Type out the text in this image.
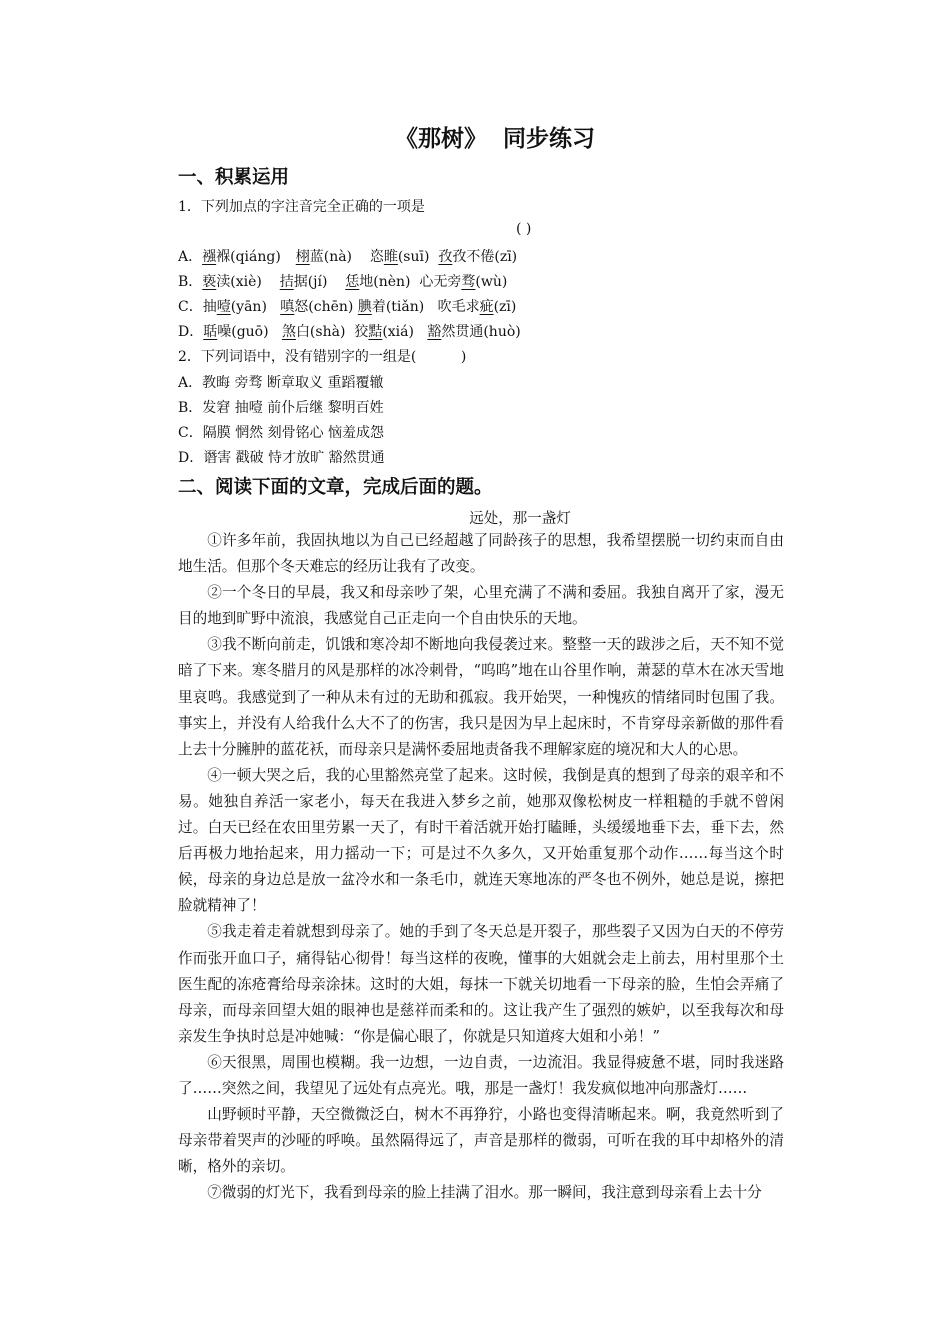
《那树》  同步练习
一、积累运用

1．下列加点的字注音完全正确的一项是

( )

A．襁褓(qiáng) 栩蓝(nà)    恣睢(suī)  孜孜不倦(zī)

B．亵渎(xiè) 拮据(jí) 恁地(nèn)  心无旁骛(wù)

C．抽噎(yān) 嗔怒(chēn) 腆着(tiǎn)   吹毛求疵(zī)

D．聒噪(guō) 煞白(shà)  狡黠(xiá) 豁然贯通(huò)

2．下列词语中，没有错别字的一组是(          )

A．教晦 旁骛 断章取义 重蹈覆辙

B．发窘 抽噎 前仆后继 黎明百姓

C．隔膜 惘然 刻骨铭心 恼羞成怨

D．谮害 戳破 恃才放旷 豁然贯通

二、阅读下面的文章，完成后面的题。

远处，那一盏灯

①许多年前，我固执地以为自己已经超越了同龄孩子的思想，我希望摆脱一切约束而自由地生活。但那个冬天难忘的经历让我有了改变。

②一个冬日的早晨，我又和母亲吵了架，心里充满了不满和委屈。我独自离开了家，漫无目的地到旷野中流浪，我感觉自己正走向一个自由快乐的天地。

③我不断向前走，饥饿和寒冷却不断地向我侵袭过来。整整一天的跋涉之后，天不知不觉暗了下来。寒冬腊月的风是那样的冰冷刺骨，“呜呜”地在山谷里作响，萧瑟的草木在冰天雪地里哀鸣。我感觉到了一种从未有过的无助和孤寂。我开始哭，一种愧疚的情绪同时包围了我。事实上，并没有人给我什么大不了的伤害，我只是因为早上起床时，不肯穿母亲新做的那件看上去十分臃肿的蓝花袄，而母亲只是满怀委屈地责备我不理解家庭的境况和大人的心思。

④一顿大哭之后，我的心里豁然亮堂了起来。这时候，我倒是真的想到了母亲的艰辛和不易。她独自养活一家老小，每天在我进入梦乡之前，她那双像松树皮一样粗糙的手就不曾闲过。白天已经在农田里劳累一天了，有时干着活就开始打瞌睡，头缓缓地垂下去，垂下去，然后再极力地抬起来，用力摇动一下；可是过不久多久，又开始重复那个动作……每当这个时候，母亲的身边总是放一盆冷水和一条毛巾，就连天寒地冻的严冬也不例外，她总是说，擦把脸就精神了！

⑤我走着走着就想到母亲了。她的手到了冬天总是开裂子，那些裂子又因为白天的不停劳作而张开血口子，痛得钻心彻骨！每当这样的夜晚，懂事的大姐就会走上前去，用村里那个土医生配的冻疮膏给母亲涂抹。这时的大姐，每抹一下就关切地看一下母亲的脸，生怕会弄痛了母亲，而母亲回望大姐的眼神也是慈祥而柔和的。这让我产生了强烈的嫉妒，以至我每次和母亲发生争执时总是冲她喊：“你是偏心眼了，你就是只知道疼大姐和小弟！”

⑥天很黑，周围也模糊。我一边想，一边自责，一边流泪。我显得疲惫不堪，同时我迷路了……突然之间，我望见了远处有点亮光。哦，那是一盏灯！我发疯似地冲向那盏灯……

山野顿时平静，天空微微泛白，树木不再狰狞，小路也变得清晰起来。啊，我竟然听到了母亲带着哭声的沙哑的呼唤。虽然隔得远了，声音是那样的微弱，可听在我的耳中却格外的清晰，格外的亲切。

⑦微弱的灯光下，我看到母亲的脸上挂满了泪水。那一瞬间，我注意到母亲看上去十分
